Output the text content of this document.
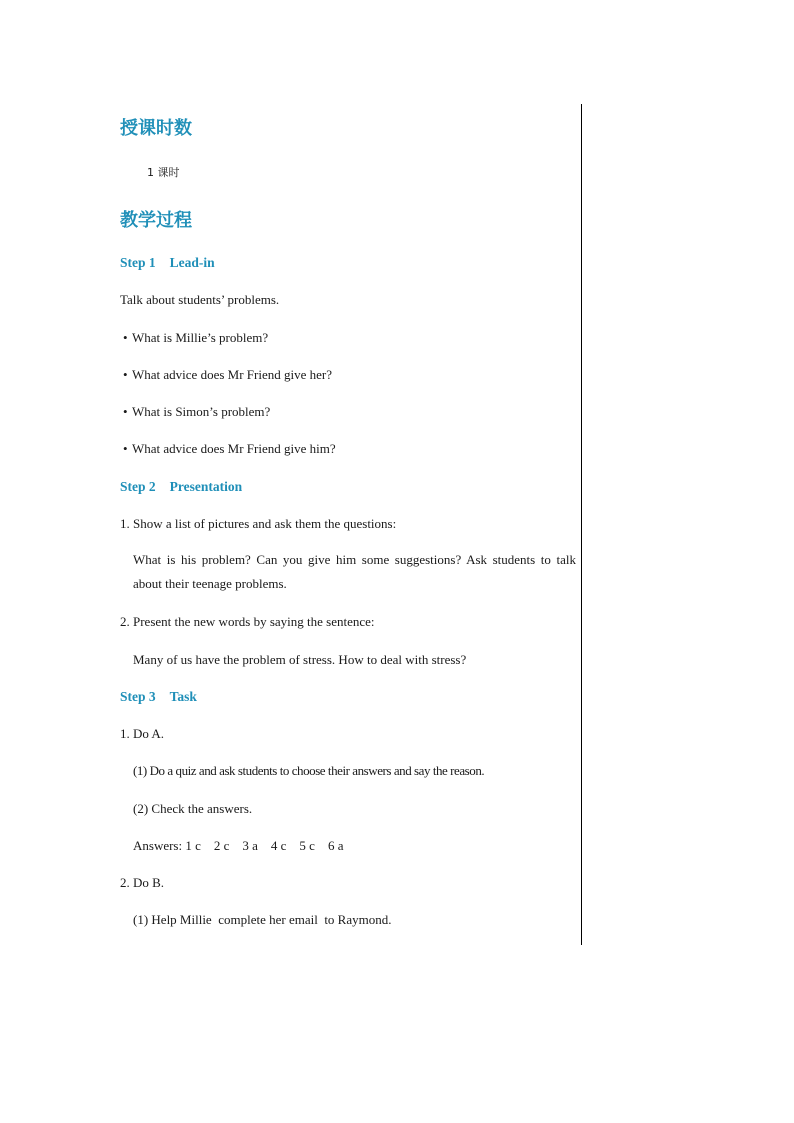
授课时数
1 课时
教学过程
Step 1 Lead-in
Talk about students’ problems.
• What is Millie’s problem?
• What advice does Mr Friend give her?
• What is Simon’s problem?
• What advice does Mr Friend give him?
Step 2 Presentation
1. Show a list of pictures and ask them the questions:
What is his problem? Can you give him some suggestions? Ask students to talk about their teenage problems.
2. Present the new words by saying the sentence:
Many of us have the problem of stress. How to deal with stress?
Step 3 Task
1. Do A.
(1) Do a quiz and ask students to choose their answers and say the reason.
(2) Check the answers.
Answers: 1 c    2 c    3 a    4 c    5 c    6 a
2. Do B.
(1) Help Millie  complete her email  to Raymond.
